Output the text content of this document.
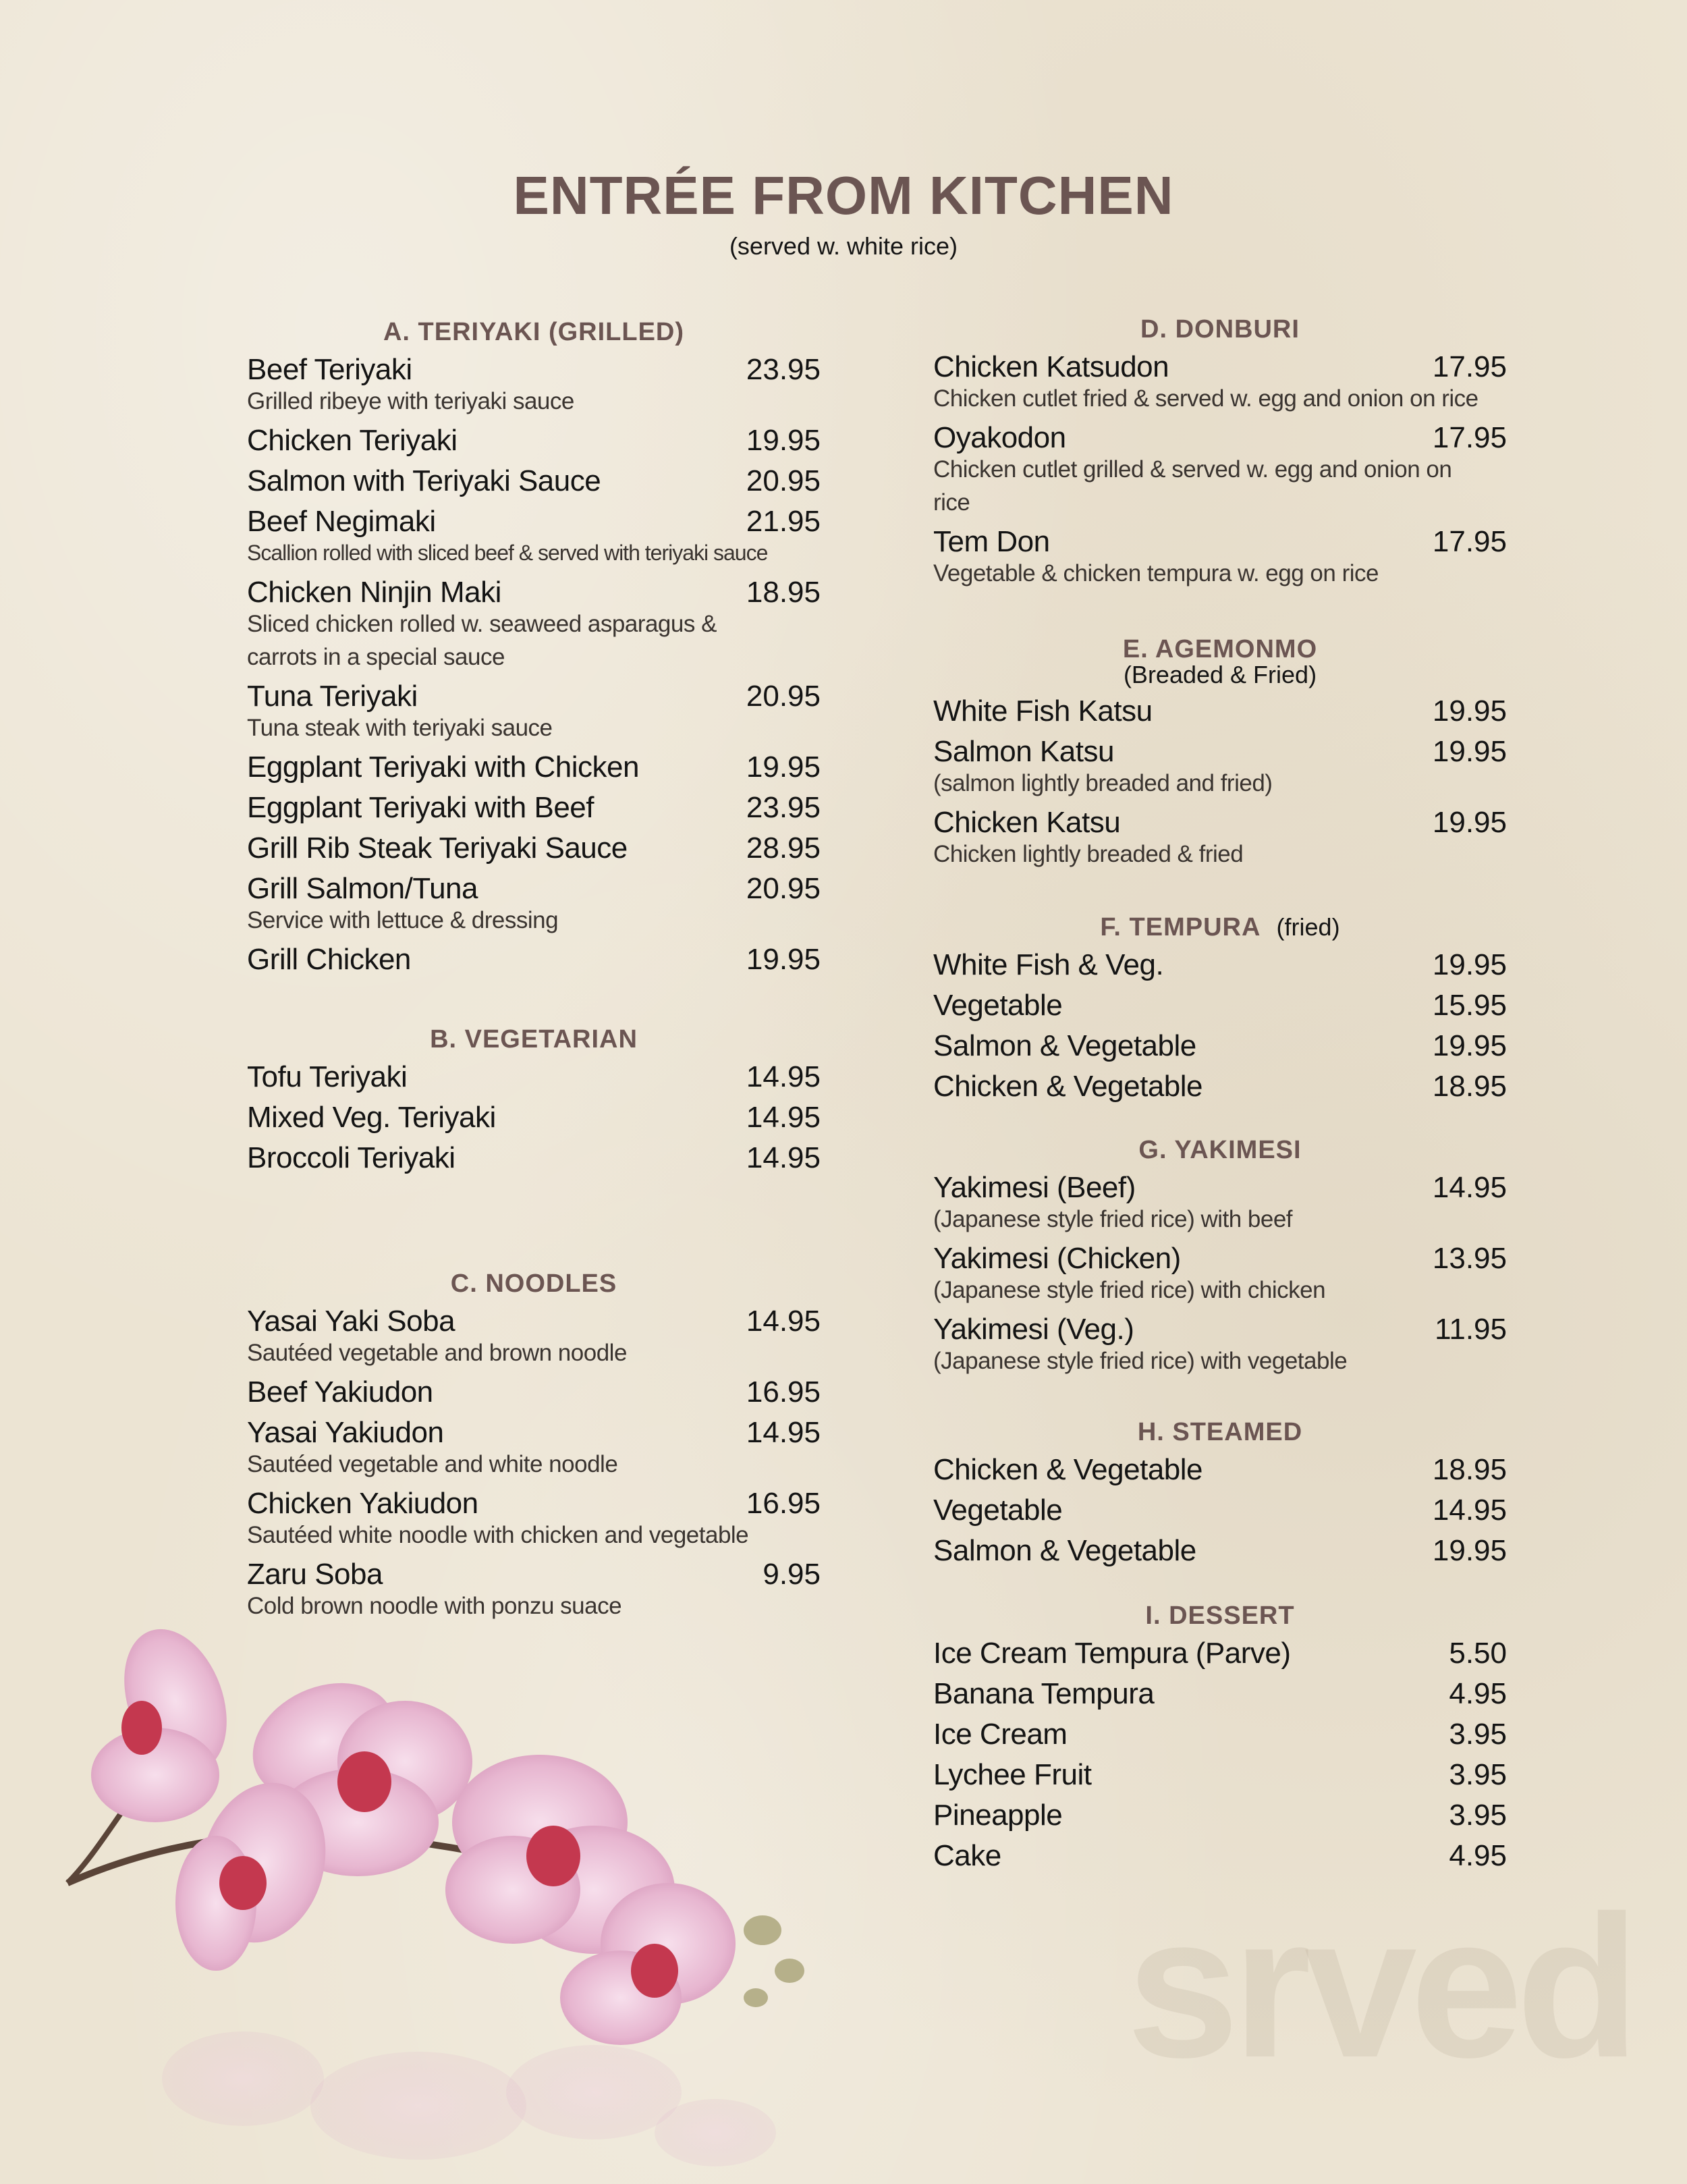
ENTRÉE FROM KITCHEN
(served w. white rice)
srved
A. TERIYAKI (GRILLED)
Beef Teriyaki	23.95
Grilled ribeye with teriyaki sauce
Chicken Teriyaki	19.95
Salmon with Teriyaki Sauce	20.95
Beef Negimaki	21.95
Scallion rolled with sliced beef & served with teriyaki sauce
Chicken Ninjin Maki	18.95
Sliced chicken rolled w. seaweed asparagus & carrots in a special sauce
Tuna Teriyaki	20.95
Tuna steak with teriyaki sauce
Eggplant Teriyaki with Chicken	19.95
Eggplant Teriyaki with Beef	23.95
Grill Rib Steak Teriyaki Sauce	28.95
Grill Salmon/Tuna	20.95
Service with lettuce & dressing
Grill Chicken	19.95
B. VEGETARIAN
Tofu Teriyaki	14.95
Mixed Veg. Teriyaki	14.95
Broccoli Teriyaki	14.95
C. NOODLES
Yasai Yaki Soba	14.95
Sautéed vegetable and brown noodle
Beef Yakiudon	16.95
Yasai Yakiudon	14.95
Sautéed vegetable and white noodle
Chicken Yakiudon	16.95
Sautéed white noodle with chicken and vegetable
Zaru Soba	9.95
Cold brown noodle with ponzu suace
D. DONBURI
Chicken Katsudon	17.95
Chicken cutlet fried & served w. egg and onion on rice
Oyakodon	17.95
Chicken cutlet grilled & served w. egg and onion on rice
Tem Don	17.95
Vegetable & chicken tempura w. egg on rice
E. AGEMONMO
(Breaded & Fried)
White Fish Katsu	19.95
Salmon Katsu	19.95
(salmon lightly breaded and fried)
Chicken Katsu	19.95
Chicken lightly breaded & fried
F. TEMPURA (fried)
White Fish & Veg.	19.95
Vegetable	15.95
Salmon & Vegetable	19.95
Chicken & Vegetable	18.95
G. YAKIMESI
Yakimesi (Beef)	14.95
(Japanese style fried rice) with beef
Yakimesi (Chicken)	13.95
(Japanese style fried rice) with chicken
Yakimesi (Veg.)	11.95
(Japanese style fried rice) with vegetable
H. STEAMED
Chicken & Vegetable	18.95
Vegetable	14.95
Salmon & Vegetable	19.95
I. DESSERT
Ice Cream Tempura (Parve)	5.50
Banana Tempura	4.95
Ice Cream	3.95
Lychee Fruit	3.95
Pineapple	3.95
Cake	4.95
